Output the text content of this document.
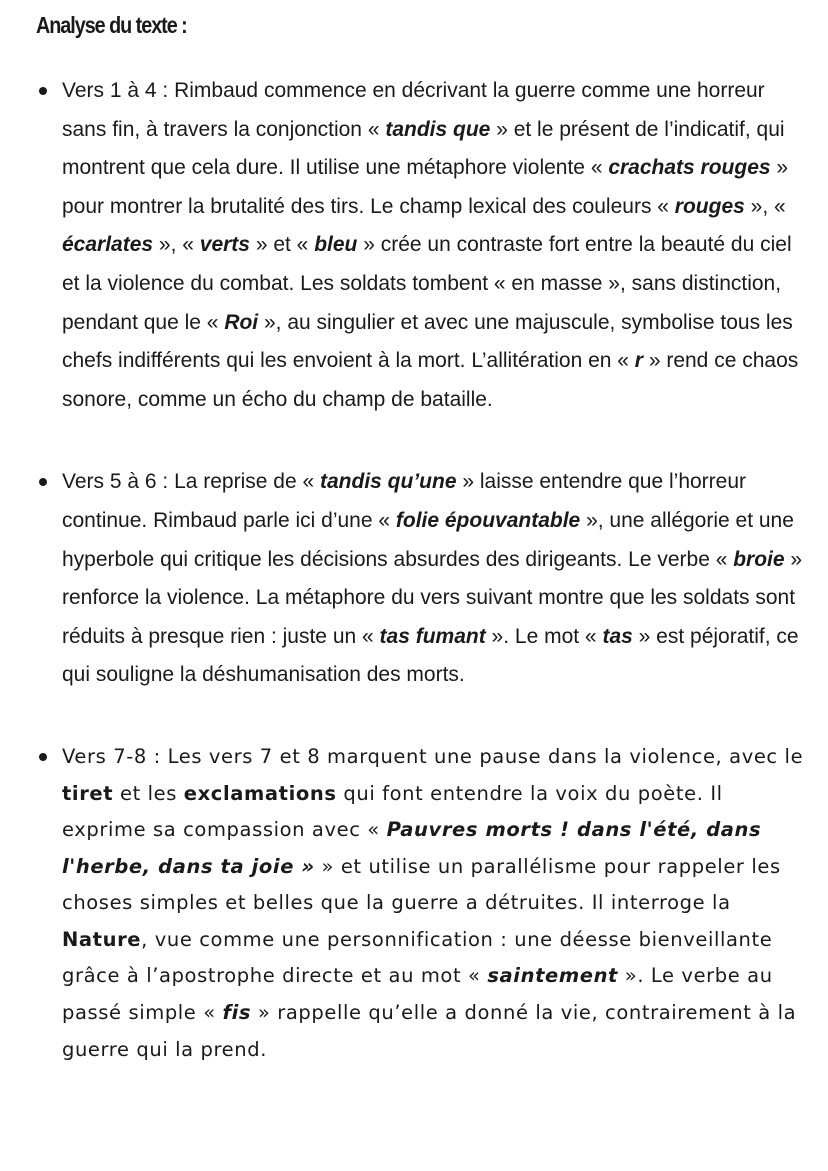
Analyse du texte :
Vers 1 à 4 : Rimbaud commence en décrivant la guerre comme une horreur sans fin, à travers la conjonction « tandis que » et le présent de l’indicatif, qui montrent que cela dure. Il utilise une métaphore violente « crachats rouges » pour montrer la brutalité des tirs. Le champ lexical des couleurs « rouges », « écarlates », « verts » et « bleu » crée un contraste fort entre la beauté du ciel et la violence du combat. Les soldats tombent « en masse », sans distinction, pendant que le « Roi », au singulier et avec une majuscule, symbolise tous les chefs indifférents qui les envoient à la mort. L’allitération en « r » rend ce chaos sonore, comme un écho du champ de bataille.
Vers 5 à 6 : La reprise de « tandis qu’une » laisse entendre que l’horreur continue. Rimbaud parle ici d’une « folie épouvantable », une allégorie et une hyperbole qui critique les décisions absurdes des dirigeants. Le verbe « broie » renforce la violence. La métaphore du vers suivant montre que les soldats sont réduits à presque rien : juste un « tas fumant ». Le mot « tas » est péjoratif, ce qui souligne la déshumanisation des morts.
Vers 7-8 : Les vers 7 et 8 marquent une pause dans la violence, avec le tiret et les exclamations qui font entendre la voix du poète. Il exprime sa compassion avec « Pauvres morts ! dans l'été, dans l'herbe, dans ta joie » » et utilise un parallélisme pour rappeler les choses simples et belles que la guerre a détruites. Il interroge la Nature, vue comme une personnification : une déesse bienveillante grâce à l’apostrophe directe et au mot « saintement ». Le verbe au passé simple « fis » rappelle qu’elle a donné la vie, contrairement à la guerre qui la prend.
